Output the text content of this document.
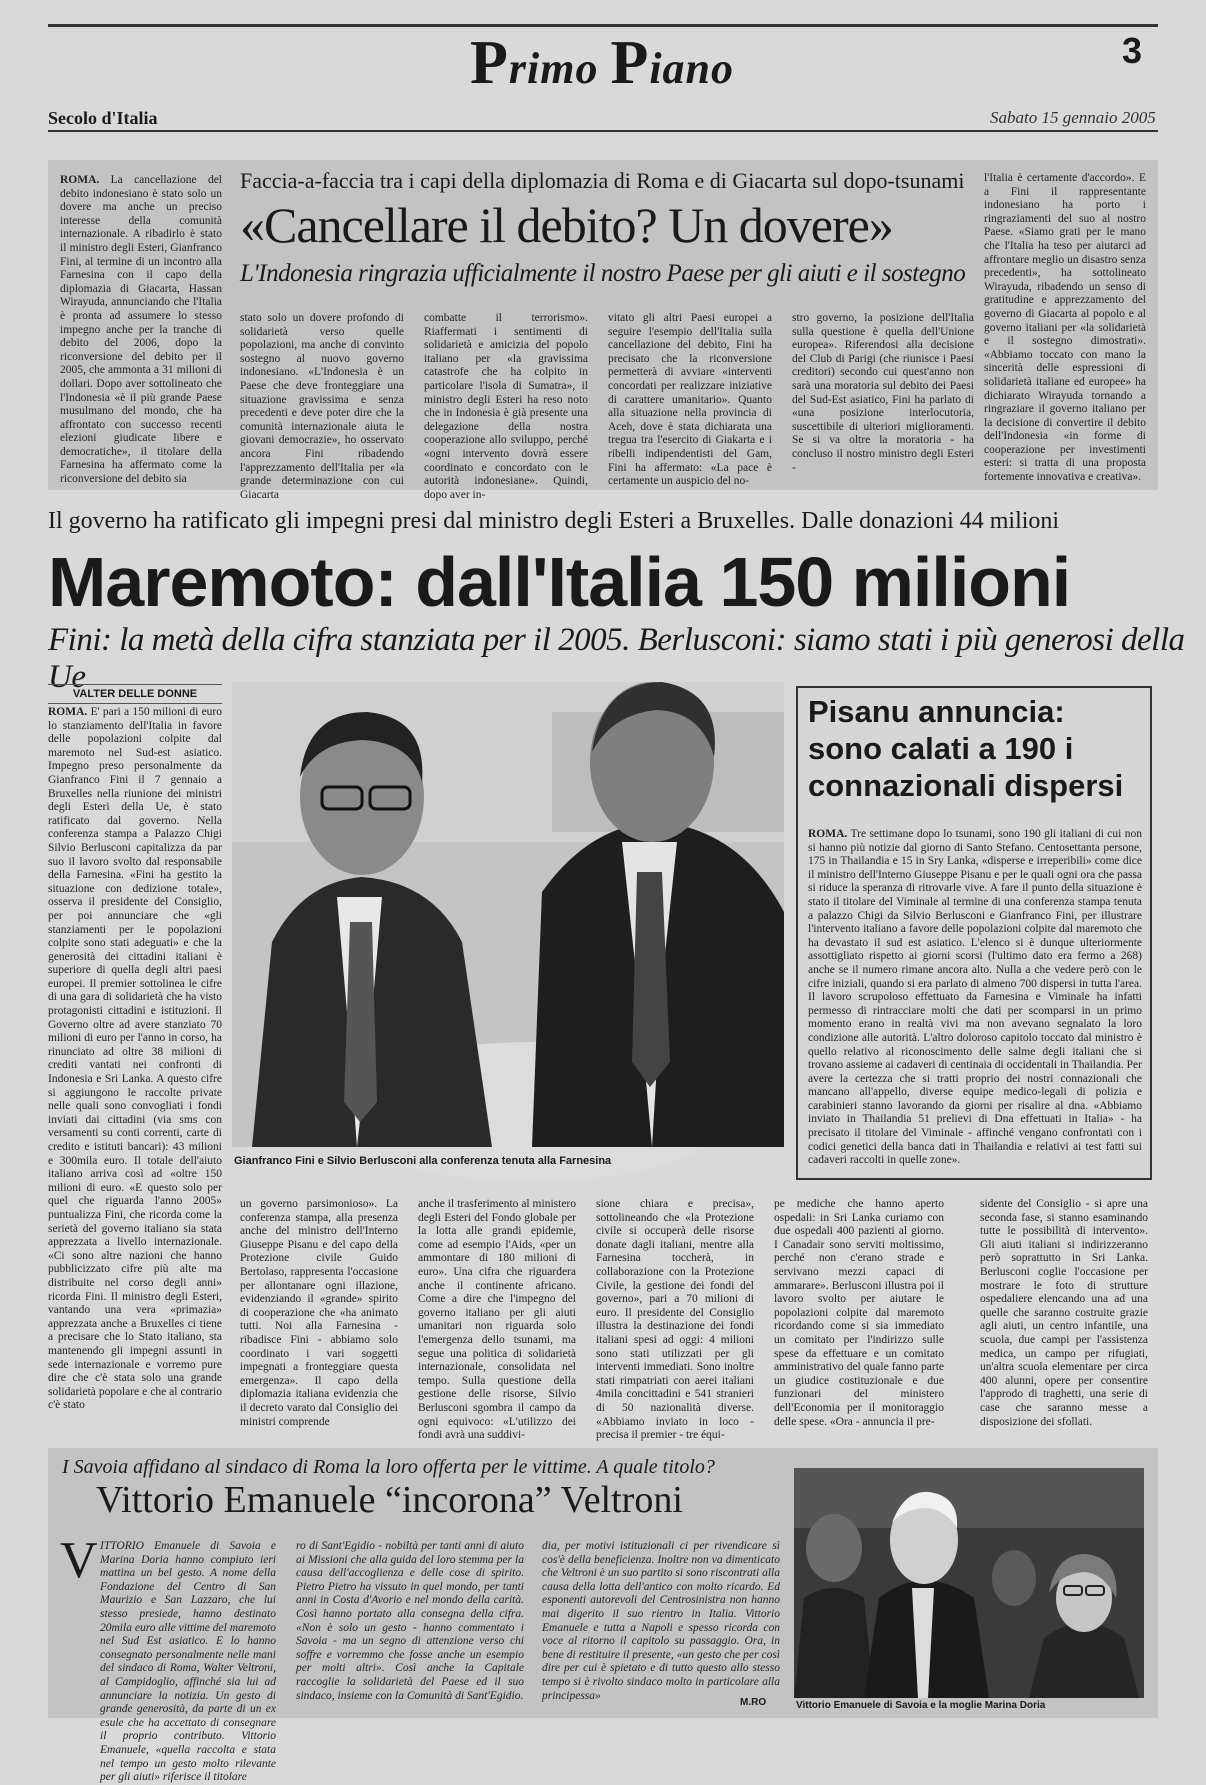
Primo Piano	3
Secolo d'Italia	Sabato 15 gennaio 2005
ROMA. La cancellazione del debito indonesiano è stato solo un dovere ma anche un preciso interesse della comunità internazionale. A ribadirlo è stato il ministro degli Esteri, Gianfranco Fini, al termine di un incontro alla Farnesina con il capo della diplomazia di Giacarta, Hassan Wirayuda, annunciando che l'Italia è pronta ad assumere lo stesso impegno anche per la tranche di debito del 2006, dopo la riconversione del debito per il 2005, che ammonta a 31 milioni di dollari. Dopo aver sottolineato che l'Indonesia «è il più grande Paese musulmano del mondo, che ha affrontato con successo recenti elezioni giudicate libere e democratiche», il titolare della Farnesina ha affermato come la riconversione del debito sia
Faccia-a-faccia tra i capi della diplomazia di Roma e di Giacarta sul dopo-tsunami
«Cancellare il debito? Un dovere»
L'Indonesia ringrazia ufficialmente il nostro Paese per gli aiuti e il sostegno
stato solo un dovere profondo di solidarietà verso quelle popolazioni, ma anche di convinto sostegno al nuovo governo indonesiano. «L'Indonesia è un Paese che deve fronteggiare una situazione gravissima e senza precedenti e deve poter dire che la comunità internazionale aiuta le giovani democrazie», ho osservato ancora Fini ribadendo l'apprezzamento dell'Italia per «la grande determinazione con cui Giacarta
combatte il terrorismo». Riaffermati i sentimenti di solidarietà e amicizia del popolo italiano per «la gravissima catastrofe che ha colpito in particolare l'isola di Sumatra», il ministro degli Esteri ha reso noto che in Indonesia è già presente una delegazione della nostra cooperazione allo sviluppo, perché «ogni intervento dovrà essere coordinato e concordato con le autorità indonesiane». Quindi, dopo aver in-
vitato gli altri Paesi europei a seguire l'esempio dell'Italia sulla cancellazione del debito, Fini ha precisato che la riconversione permetterà di avviare «interventi concordati per realizzare iniziative di carattere umanitario». Quanto alla situazione nella provincia di Aceh, dove è stata dichiarata una tregua tra l'esercito di Giakarta e i ribelli indipendentisti del Gam, Fini ha affermato: «La pace è certamente un auspicio del no-
stro governo, la posizione dell'Italia sulla questione è quella dell'Unione europea». Riferendosi alla decisione del Club di Parigi (che riunisce i Paesi creditori) secondo cui quest'anno non sarà una moratoria sul debito dei Paesi del Sud-Est asiatico, Fini ha parlato di «una posizione interlocutoria, suscettibile di ulteriori miglioramenti. Se si va oltre la moratoria - ha concluso il nostro ministro degli Esteri -
l'Italia è certamente d'accordo». E a Fini il rappresentante indonesiano ha porto i ringraziamenti del suo al nostro Paese. «Siamo grati per le mano che l'Italia ha teso per aiutarci ad affrontare meglio un disastro senza precedenti», ha sottolineato Wirayuda, ribadendo un senso di gratitudine e apprezzamento del governo di Giacarta al popolo e al governo italiani per «la solidarietà e il sostegno dimostrati». «Abbiamo toccato con mano la sincerità delle espressioni di solidarietà italiane ed europee» ha dichiarato Wirayuda tornando a ringraziare il governo italiano per la decisione di convertire il debito dell'Indonesia «in forme di cooperazione per investimenti esteri: si tratta di una proposta fortemente innovativa e creativa».
Il governo ha ratificato gli impegni presi dal ministro degli Esteri a Bruxelles. Dalle donazioni 44 milioni
Maremoto: dall'Italia 150 milioni
Fini: la metà della cifra stanziata per il 2005. Berlusconi: siamo stati i più generosi della Ue
VALTER DELLE DONNE
ROMA. E' pari a 150 milioni di euro lo stanziamento dell'Italia in favore delle popolazioni colpite dal maremoto nel Sud-est asiatico. Impegno preso personalmente da Gianfranco Fini il 7 gennaio a Bruxelles nella riunione dei ministri degli Esteri della Ue, è stato ratificato dal governo. Nella conferenza stampa a Palazzo Chigi Silvio Berlusconi capitalizza da par suo il lavoro svolto dal responsabile della Farnesina. «Fini ha gestito la situazione con dedizione totale», osserva il presidente del Consiglio, per poi annunciare che «gli stanziamenti per le popolazioni colpite sono stati adeguati» e che la generosità dei cittadini italiani è superiore di quella degli altri paesi europei. Il premier sottolinea le cifre di una gara di solidarietà che ha visto protagonisti cittadini e istituzioni. Il Governo oltre ad avere stanziato 70 milioni di euro per l'anno in corso, ha rinunciato ad oltre 38 milioni di crediti vantati nei confronti di Indonesia e Sri Lanka. A questo cifre si aggiungono le raccolte private nelle quali sono convogliati i fondi inviati dai cittadini (via sms con versamenti su conti correnti, carte di credito e istituti bancari): 43 milioni e 300mila euro. Il totale dell'aiuto italiano arriva così ad «oltre 150 milioni di euro. «E questo solo per quel che riguarda l'anno 2005» puntualizza Fini, che ricorda come la serietà del governo italiano sia stata apprezzata a livello internazionale. «Ci sono altre nazioni che hanno pubblicizzato cifre più alte ma distribuite nel corso degli anni» ricorda Fini. Il ministro degli Esteri, vantando una vera «primazia» apprezzata anche a Bruxelles ci tiene a precisare che lo Stato italiano, sta mantenendo gli impegni assunti in sede internazionale e vorremo pure dire che c'è stata solo una grande solidarietà popolare e che al contrario c'è stato
Gianfranco Fini e Silvio Berlusconi alla conferenza tenuta alla Farnesina
Pisanu annuncia: sono calati a 190 i connazionali dispersi
ROMA. Tre settimane dopo lo tsunami, sono 190 gli italiani di cui non si hanno più notizie dal giorno di Santo Stefano. Centosettanta persone, 175 in Thailandia e 15 in Sry Lanka, «disperse e irreperibili» come dice il ministro dell'Interno Giuseppe Pisanu e per le quali ogni ora che passa si riduce la speranza di ritrovarle vive. A fare il punto della situazione è stato il titolare del Viminale al termine di una conferenza stampa tenuta a palazzo Chigi da Silvio Berlusconi e Gianfranco Fini, per illustrare l'intervento italiano a favore delle popolazioni colpite dal maremoto che ha devastato il sud est asiatico. L'elenco si è dunque ulteriormente assottigliato rispetto ai giorni scorsi (l'ultimo dato era fermo a 268) anche se il numero rimane ancora alto. Nulla a che vedere però con le cifre iniziali, quando si era parlato di almeno 700 dispersi in tutta l'area. Il lavoro scrupoloso effettuato da Farnesina e Viminale ha infatti permesso di rintracciare molti che dati per scomparsi in un primo momento erano in realtà vivi ma non avevano segnalato la loro condizione alle autorità. L'altro doloroso capitolo toccato dal ministro è quello relativo al riconoscimento delle salme degli italiani che si trovano assieme ai cadaveri di centinaia di occidentali in Thailandia. Per avere la certezza che si tratti proprio dei nostri connazionali che mancano all'appello, diverse equipe medico-legali di polizia e carabinieri stanno lavorando da giorni per risalire al dna. «Abbiamo inviato in Thailandia 51 prelievi di Dna effettuati in Italia» - ha precisato il titolare del Viminale - affinché vengano confrontati con i codici genetici della banca dati in Thailandia e relativi ai test fatti sui cadaveri raccolti in quelle zone».
un governo parsimonioso». La conferenza stampa, alla presenza anche del ministro dell'Interno Giuseppe Pisanu e del capo della Protezione civile Guido Bertolaso, rappresenta l'occasione per allontanare ogni illazione, evidenziando il «grande» spirito di cooperazione che «ha animato tutti. Noi alla Farnesina - ribadisce Fini - abbiamo solo coordinato i vari soggetti impegnati a fronteggiare questa emergenza». Il capo della diplomazia italiana evidenzia che il decreto varato dal Consiglio dei ministri comprende
anche il trasferimento al ministero degli Esteri del Fondo globale per la lotta alle grandi epidemie, come ad esempio l'Aids, «per un ammontare di 180 milioni di euro». Una cifra che riguardera anche il continente africano. Come a dire che l'impegno del governo italiano per gli aiuti umanitari non riguarda solo l'emergenza dello tsunami, ma segue una politica di solidarietà internazionale, consolidata nel tempo. Sulla questione della gestione delle risorse, Silvio Berlusconi sgombra il campo da ogni equivoco: «L'utilizzo dei fondi avrà una suddivi-
sione chiara e precisa», sottolineando che «la Protezione civile si occuperà delle risorse donate dagli italiani, mentre alla Farnesina toccherà, in collaborazione con la Protezione Civile, la gestione dei fondi del governo», pari a 70 milioni di euro. Il presidente del Consiglio illustra la destinazione dei fondi italiani spesi ad oggi: 4 milioni sono stati utilizzati per gli interventi immediati. Sono inoltre stati rimpatriati con aerei italiani 4mila concittadini e 541 stranieri di 50 nazionalità diverse. «Abbiamo inviato in loco - precisa il premier - tre équi-
pe mediche che hanno aperto ospedali: in Sri Lanka curiamo con due ospedali 400 pazienti al giorno. I Canadair sono serviti moltissimo, perché non c'erano strade e servivano mezzi capaci di ammarare». Berlusconi illustra poi il lavoro svolto per aiutare le popolazioni colpite dal maremoto ricordando come si sia immediato un comitato per l'indirizzo sulle spese da effettuare e un comitato amministrativo del quale fanno parte un giudice costituzionale e due funzionari del ministero dell'Economia per il monitoraggio delle spese. «Ora - annuncia il pre-
sidente del Consiglio - si apre una seconda fase, si stanno esaminando tutte le possibilità di intervento». Gli aiuti italiani si indirizzeranno però soprattutto in Sri Lanka. Berlusconi coglie l'occasione per mostrare le foto di strutture ospedaliere elencando una ad una quelle che saranno costruite grazie agli aiuti, un centro infantile, una scuola, due campi per l'assistenza medica, un campo per rifugiati, un'altra scuola elementare per circa 400 alunni, opere per consentire l'approdo di traghetti, una serie di case che saranno messe a disposizione dei sfollati.
I Savoia affidano al sindaco di Roma la loro offerta per le vittime. A quale titolo?
Vittorio Emanuele “incorona” Veltroni
V ITTORIO Emanuele di Savoia e Marina Doria hanno compiuto ieri mattina un bel gesto. A nome della Fondazione del Centro di San Maurizio e San Lazzaro, che lui stesso presiede, hanno destinato 20mila euro alle vittime del maremoto nel Sud Est asiatico. E lo hanno consegnato personalmente nelle mani del sindaco di Roma, Walter Veltroni, al Campidoglio, affinché sia lui ad annunciare la notizia. Un gesto di grande generosità, da parte di un ex esule che ha accettato di consegnare il proprio contributo. Vittorio Emanuele, «quella raccolta e stata nel tempo un gesto molto rilevante per gli aiuti» riferisce il titolare
ro di Sant'Egidio - nobiltà per tanti anni di aiuto ai Missioni che alla guida del loro stemma per la causa dell'accoglienza e delle cose di spirito. Pietro Pietro ha vissuto in quel mondo, per tanti anni in Costa d'Avorio e nel mondo della carità. Così hanno portato alla consegna della cifra. «Non è solo un gesto - hanno commentato i Savoia - ma un segno di attenzione verso chi soffre e vorremmo che fosse anche un esempio per molti altri». Così anche la Capitale raccoglie la solidarietà del Paese ed il suo sindaco, insieme con la Comunità di Sant'Egidio.
dia, per motivi istituzionali ci per rivendicare sì cos'è della beneficienza. Inoltre non va dimenticato che Veltroni è un suo partito si sono riscontrati alla causa della lotta dell'antico con molto ricardo. Ed esponenti autorevoli del Centrosinistra non hanno mai digerito il suo rientro in Italia. Vittorio Emanuele e tutta a Napoli e spesso ricorda con voce al ritorno il capitolo su passaggio. Ora, in bene di restituire il presente, «un gesto che per così dire per cui è spietato e di tutto questo allo stesso tempo si è rivolto sindaco molto in particolare alla principessa»
M.RO	Vittorio Emanuele di Savoia e la moglie Marina Doria
